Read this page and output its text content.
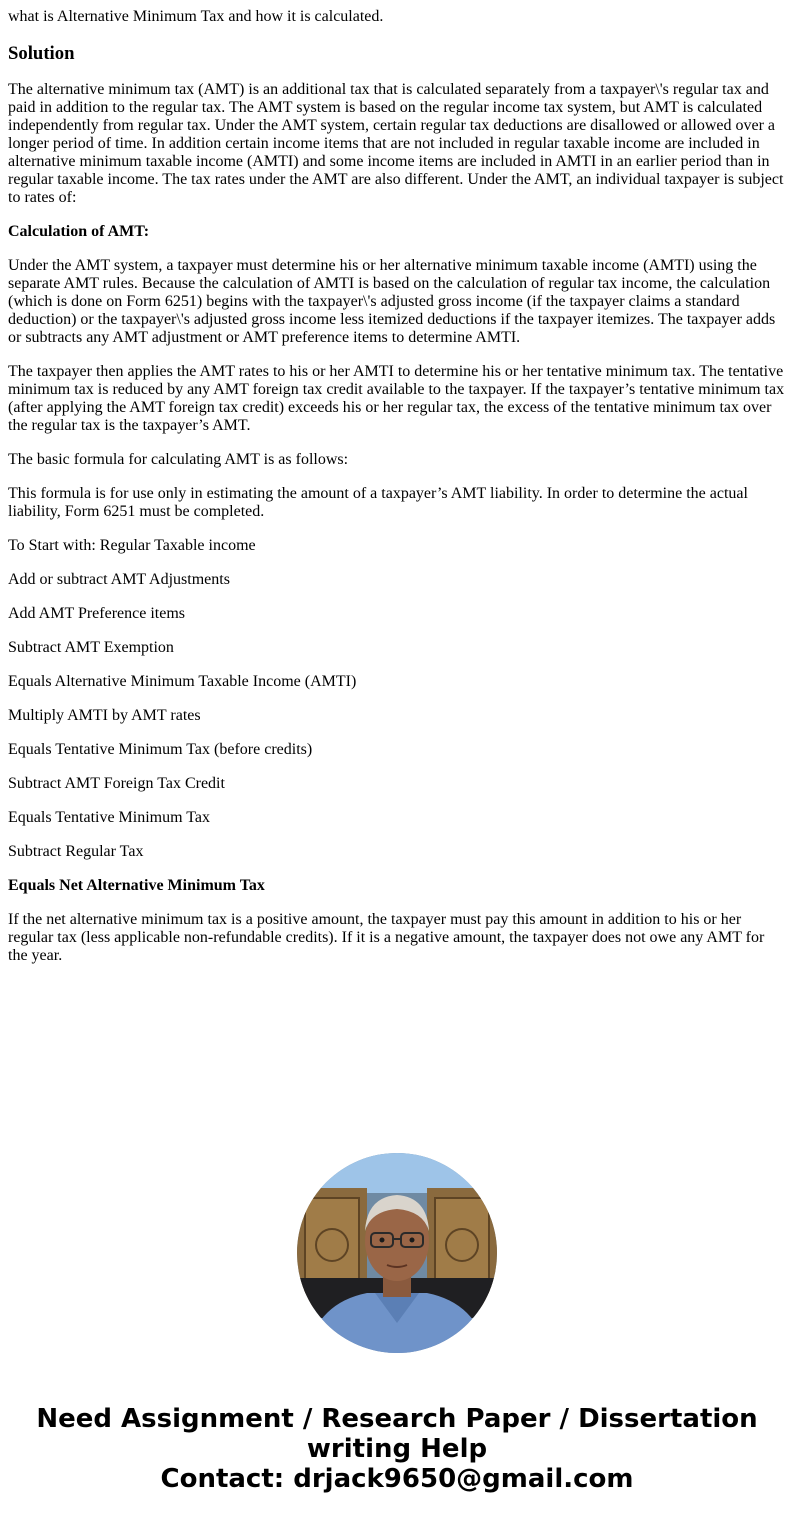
what is Alternative Minimum Tax and how it is calculated.
Solution

The alternative minimum tax (AMT) is an additional tax that is calculated separately from a taxpayer\'s regular tax and paid in addition to the regular tax. The AMT system is based on the regular income tax system, but AMT is calculated independently from regular tax. Under the AMT system, certain regular tax deductions are disallowed or allowed over a longer period of time. In addition certain income items that are not included in regular taxable income are included in alternative minimum taxable income (AMTI) and some income items are included in AMTI in an earlier period than in regular taxable income. The tax rates under the AMT are also different. Under the AMT, an individual taxpayer is subject to rates of:

Calculation of AMT:

Under the AMT system, a taxpayer must determine his or her alternative minimum taxable income (AMTI) using the separate AMT rules. Because the calculation of AMTI is based on the calculation of regular tax income, the calculation (which is done on Form 6251) begins with the taxpayer\'s adjusted gross income (if the taxpayer claims a standard deduction) or the taxpayer\'s adjusted gross income less itemized deductions if the taxpayer itemizes. The taxpayer adds or subtracts any AMT adjustment or AMT preference items to determine AMTI.

The taxpayer then applies the AMT rates to his or her AMTI to determine his or her tentative minimum tax. The tentative minimum tax is reduced by any AMT foreign tax credit available to the taxpayer. If the taxpayer’s tentative minimum tax (after applying the AMT foreign tax credit) exceeds his or her regular tax, the excess of the tentative minimum tax over the regular tax is the taxpayer’s AMT.

The basic formula for calculating AMT is as follows:

This formula is for use only in estimating the amount of a taxpayer’s AMT liability. In order to determine the actual liability, Form 6251 must be completed.

To Start with: Regular Taxable income

Add or subtract AMT Adjustments

Add AMT Preference items

Subtract AMT Exemption

Equals Alternative Minimum Taxable Income (AMTI)

Multiply AMTI by AMT rates

Equals Tentative Minimum Tax (before credits)

Subtract AMT Foreign Tax Credit

Equals Tentative Minimum Tax

Subtract Regular Tax

Equals Net Alternative Minimum Tax

If the net alternative minimum tax is a positive amount, the taxpayer must pay this amount in addition to his or her regular tax (less applicable non-refundable credits). If it is a negative amount, the taxpayer does not owe any AMT for the year.

Need Assignment / Research Paper / Dissertation
writing Help
Contact: drjack9650@gmail.com
